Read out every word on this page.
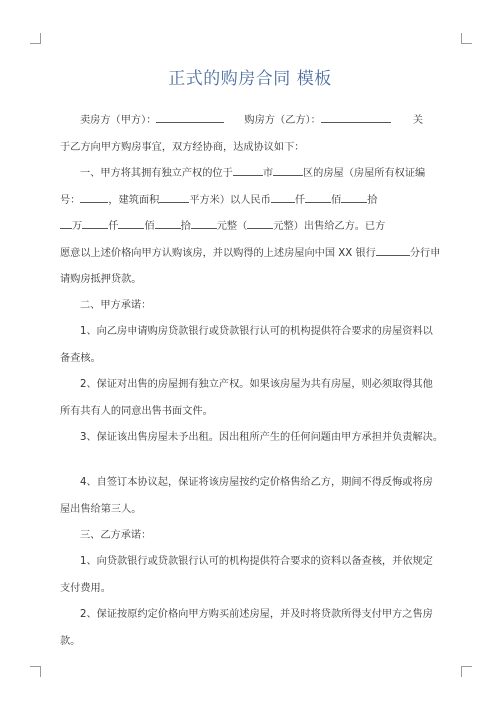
正式的购房合同 模板
卖房方（甲方）：	购房方（乙方）：	关
于乙方向甲方购房事宜，双方经协商，达成协议如下：
一、甲方将其拥有独立产权的位于	市	区的房屋（房屋所有权证编
号：	，建筑面积	平方米）以人民币 仟	佰	拾
万	仟	佰	拾	元整（	元整）出售给乙方。已方
愿意以上述价格向甲方认购该房，并以购得的上述房屋向中国 XX 银行	分行申
请购房抵押贷款。
二、甲方承诺：
1、向乙房申请购房贷款银行或贷款银行认可的机构提供符合要求的房屋资料以
备查核。
2、保证对出售的房屋拥有独立产权。如果该房屋为共有房屋，则必须取得其他
所有共有人的同意出售书面文件。
3、保证该出售房屋未予出租。因出租所产生的任何问题由甲方承担并负责解决。
4、自签订本协议起，保证将该房屋按约定价格售给乙方，期间不得反悔或将房
屋出售给第三人。
三、乙方承诺：
1、向贷款银行或贷款银行认可的机构提供符合要求的资料以备查核，并依规定
支付费用。
2、保证按原约定价格向甲方购买前述房屋，并及时将贷款所得支付甲方之售房
款。
